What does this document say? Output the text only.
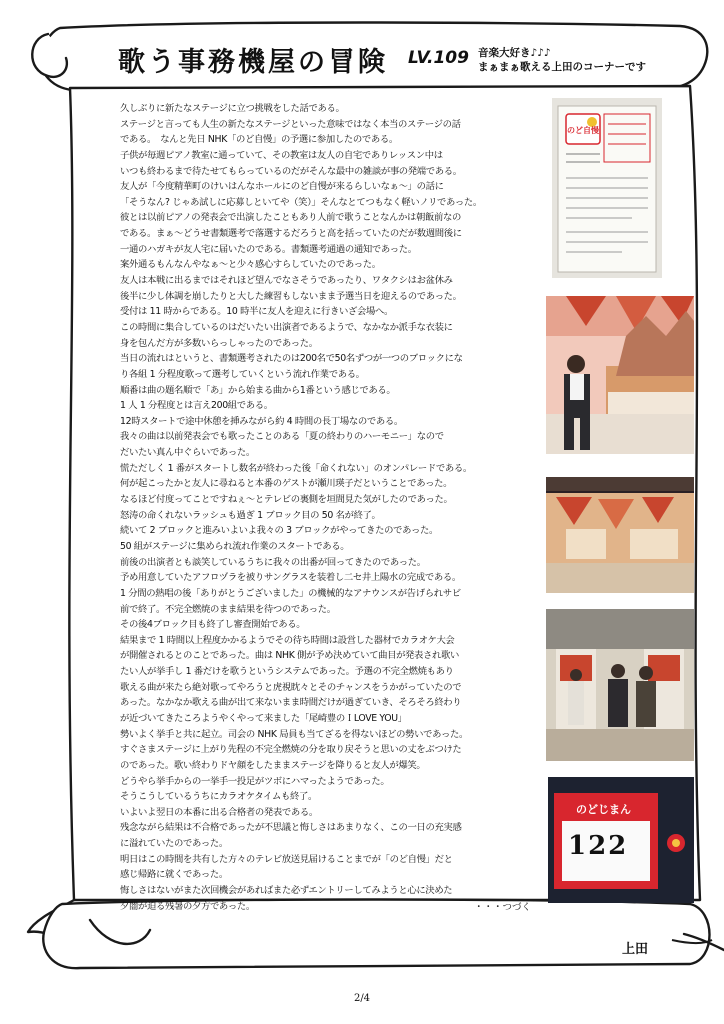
歌う事務機屋の冒険 LV.109 音楽大好き♪♪♪
まぁまぁ歌える上田のコーナーです
久しぶりに新たなステージに立つ挑戦をした話である。
ステージと言っても人生の新たなステージといった意味ではなく本当のステージの話
である。　なんと先日 NHK「のど自慢」の予選に参加したのである。
子供が毎週ピアノ教室に通っていて、その教室は友人の自宅でありレッスン中は
いつも終わるまで待たせてもらっているのだがそんな最中の雑談が事の発端である。
友人が「今度精華町のけいはんなホールにのど自慢が来るらしいなぁ～」の話に
「そうなん? じゃあ試しに応募しといてや（笑）」そんなとてつもなく軽いノリであった。
彼とは以前ピアノの発表会で出演したこともあり人前で歌うことなんかは朝飯前なの
である。まぁ～どうせ書類選考で落選するだろうと高を括っていたのだが数週間後に
一通のハガキが友人宅に届いたのである。書類選考通過の通知であった。
案外通るもんなんやなぁ～と少々感心すらしていたのであった。
友人は本戦に出るまではそれほど望んでなさそうであったり、ワタクシはお盆休み
後半に少し体調を崩したりと大した練習もしないまま予選当日を迎えるのであった。
受付は 11 時からである。10 時半に友人を迎えに行きいざ会場へ。
この時間に集合しているのはだいたい出演者であるようで、なかなか派手な衣装に
身を包んだ方が多数いらっしゃったのであった。
当日の流れはというと、書類選考されたのは200名で50名ずつが一つのブロックにな
り各組 1 分程度歌って選考していくという流れ作業である。
順番は曲の題名順で「あ」から始まる曲から1番という感じである。
1 人 1 分程度とは言え200組である。
12時スタートで途中休憩を挿みながら約 4 時間の長丁場なのである。
我々の曲は以前発表会でも歌ったことのある「夏の終わりのハーモニー」なので
だいたい真ん中ぐらいであった。
慌ただしく 1 番がスタートし数名が終わった後「命くれない」のオンパレードである。
何が起こったかと友人に尋ねると本番のゲストが瀬川瑛子だということであった。
なるほど付度ってことですねぇ～とテレビの裏側を垣間見た気がしたのであった。
怒涛の命くれないラッシュも過ぎ 1 ブロック目の 50 名が終了。
続いて 2 ブロックと進みいよいよ我々の 3 ブロックがやってきたのであった。
50 組がステージに集められ流れ作業のスタートである。
前後の出演者とも談笑しているうちに我々の出番が回ってきたのであった。
予め用意していたアフロヅラを被りサングラスを装着し二セ井上陽水の完成である。
1 分間の熱唱の後「ありがとうございました」の機械的なアナウンスが告げられサビ
前で終了。不完全燃焼のまま結果を待つのであった。
その後4ブロック目も終了し審査開始である。
結果まで 1 時間以上程度かかるようでその待ち時間は設営した器材でカラオケ大会
が開催されるとのことであった。曲は NHK 側が予め決めていて曲目が発表され歌い
たい人が挙手し 1 番だけを歌うというシステムであった。予選の不完全燃焼もあり
歌える曲が来たら絶対歌ってやろうと虎視眈々とそのチャンスをうかがっていたので
あった。なかなか歌える曲が出て来ないまま時間だけが過ぎていき、そろそろ終わり
が近づいてきたころようやくやって来ました「尾崎豊のＩLOVE YOU」
勢いよく挙手と共に起立。司会の NHK 局員も当てざるを得ないほどの勢いであった。
すぐさまステージに上がり先程の不完全燃焼の分を取り戻そうと思いの丈をぶつけた
のであった。歌い終わりドヤ顔をしたままステージを降りると友人が爆笑。
どうやら挙手からの一挙手一投足がツボにハマったようであった。
そうこうしているうちにカラオケタイムも終了。
いよいよ翌日の本番に出る合格者の発表である。
残念ながら結果は不合格であったが不思議と悔しさはあまりなく、この一日の充実感
に溢れていたのであった。
明日はこの時間を共有した方々のテレビ放送見届けることまでが「のど自慢」だと
感じ帰路に就くであった。
悔しさはないがまた次回機会があればまた必ずエントリーしてみようと心に決めた
夕闇が迫る残暑の夕方であった。	・・・つづく
のど自慢
のどじまん
122
上田
2/4
